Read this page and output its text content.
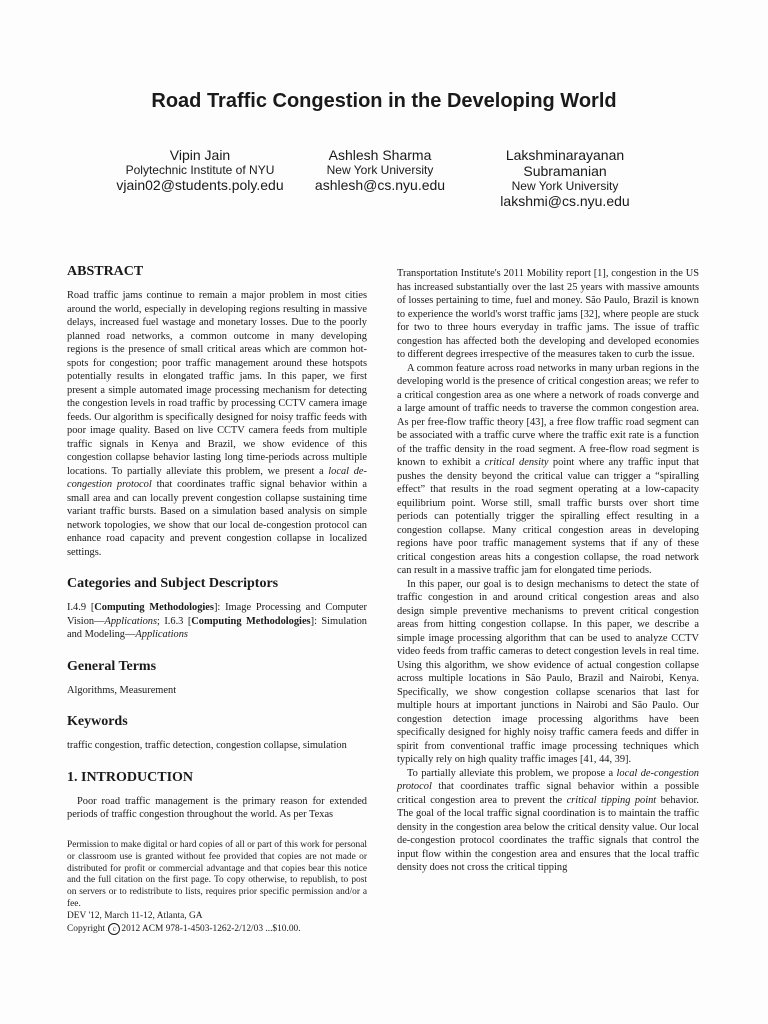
Road Traffic Congestion in the Developing World
Vipin Jain
Polytechnic Institute of NYU
vjain02@students.poly.edu
Ashlesh Sharma
New York University
ashlesh@cs.nyu.edu
Lakshminarayanan
Subramanian
New York University
lakshmi@cs.nyu.edu
ABSTRACT

Road traffic jams continue to remain a major problem in most cities around the world, especially in developing regions resulting in massive delays, increased fuel wastage and monetary losses. Due to the poorly planned road networks, a common outcome in many developing regions is the presence of small critical areas which are common hot-spots for congestion; poor traffic management around these hotspots potentially results in elongated traffic jams. In this paper, we first present a simple automated image processing mechanism for detecting the congestion levels in road traffic by processing CCTV camera image feeds. Our algorithm is specifically designed for noisy traffic feeds with poor image quality. Based on live CCTV camera feeds from multiple traffic signals in Kenya and Brazil, we show evidence of this congestion collapse behavior lasting long time-periods across multiple locations. To partially alleviate this problem, we present a local de-congestion protocol that coordinates traffic signal behavior within a small area and can locally prevent congestion collapse sustaining time variant traffic bursts. Based on a simulation based analysis on simple network topologies, we show that our local de-congestion protocol can enhance road capacity and prevent congestion collapse in localized settings.

Categories and Subject Descriptors

I.4.9 [Computing Methodologies]: Image Processing and Computer Vision—Applications; I.6.3 [Computing Methodologies]: Simulation and Modeling—Applications

General Terms

Algorithms, Measurement

Keywords

traffic congestion, traffic detection, congestion collapse, simulation

1. INTRODUCTION

Poor road traffic management is the primary reason for extended periods of traffic congestion throughout the world. As per Texas

Permission to make digital or hard copies of all or part of this work for personal or classroom use is granted without fee provided that copies are not made or distributed for profit or commercial advantage and that copies bear this notice and the full citation on the first page. To copy otherwise, to republish, to post on servers or to redistribute to lists, requires prior specific permission and/or a fee.

DEV '12, March 11-12, Atlanta, GA

Copyright c 2012 ACM 978-1-4503-1262-2/12/03 ...$10.00.

Transportation Institute's 2011 Mobility report [1], congestion in the US has increased substantially over the last 25 years with massive amounts of losses pertaining to time, fuel and money. São Paulo, Brazil is known to experience the world's worst traffic jams [32], where people are stuck for two to three hours everyday in traffic jams. The issue of traffic congestion has affected both the developing and developed economies to different degrees irrespective of the measures taken to curb the issue.

A common feature across road networks in many urban regions in the developing world is the presence of critical congestion areas; we refer to a critical congestion area as one where a network of roads converge and a large amount of traffic needs to traverse the common congestion area. As per free-flow traffic theory [43], a free flow traffic road segment can be associated with a traffic curve where the traffic exit rate is a function of the traffic density in the road segment. A free-flow road segment is known to exhibit a critical density point where any traffic input that pushes the density beyond the critical value can trigger a “spiralling effect” that results in the road segment operating at a low-capacity equilibrium point. Worse still, small traffic bursts over short time periods can potentially trigger the spiralling effect resulting in a congestion collapse. Many critical congestion areas in developing regions have poor traffic management systems that if any of these critical congestion areas hits a congestion collapse, the road network can result in a massive traffic jam for elongated time periods.

In this paper, our goal is to design mechanisms to detect the state of traffic congestion in and around critical congestion areas and also design simple preventive mechanisms to prevent critical congestion areas from hitting congestion collapse. In this paper, we describe a simple image processing algorithm that can be used to analyze CCTV video feeds from traffic cameras to detect congestion levels in real time. Using this algorithm, we show evidence of actual congestion collapse across multiple locations in São Paulo, Brazil and Nairobi, Kenya. Specifically, we show congestion collapse scenarios that last for multiple hours at important junctions in Nairobi and São Paulo. Our congestion detection image processing algorithms have been specifically designed for highly noisy traffic camera feeds and differ in spirit from conventional traffic image processing techniques which typically rely on high quality traffic images [41, 44, 39].

To partially alleviate this problem, we propose a local de-congestion protocol that coordinates traffic signal behavior within a possible critical congestion area to prevent the critical tipping point behavior. The goal of the local traffic signal coordination is to maintain the traffic density in the congestion area below the critical density value. Our local de-congestion protocol coordinates the traffic signals that control the input flow within the congestion area and ensures that the local traffic density does not cross the critical tipping
